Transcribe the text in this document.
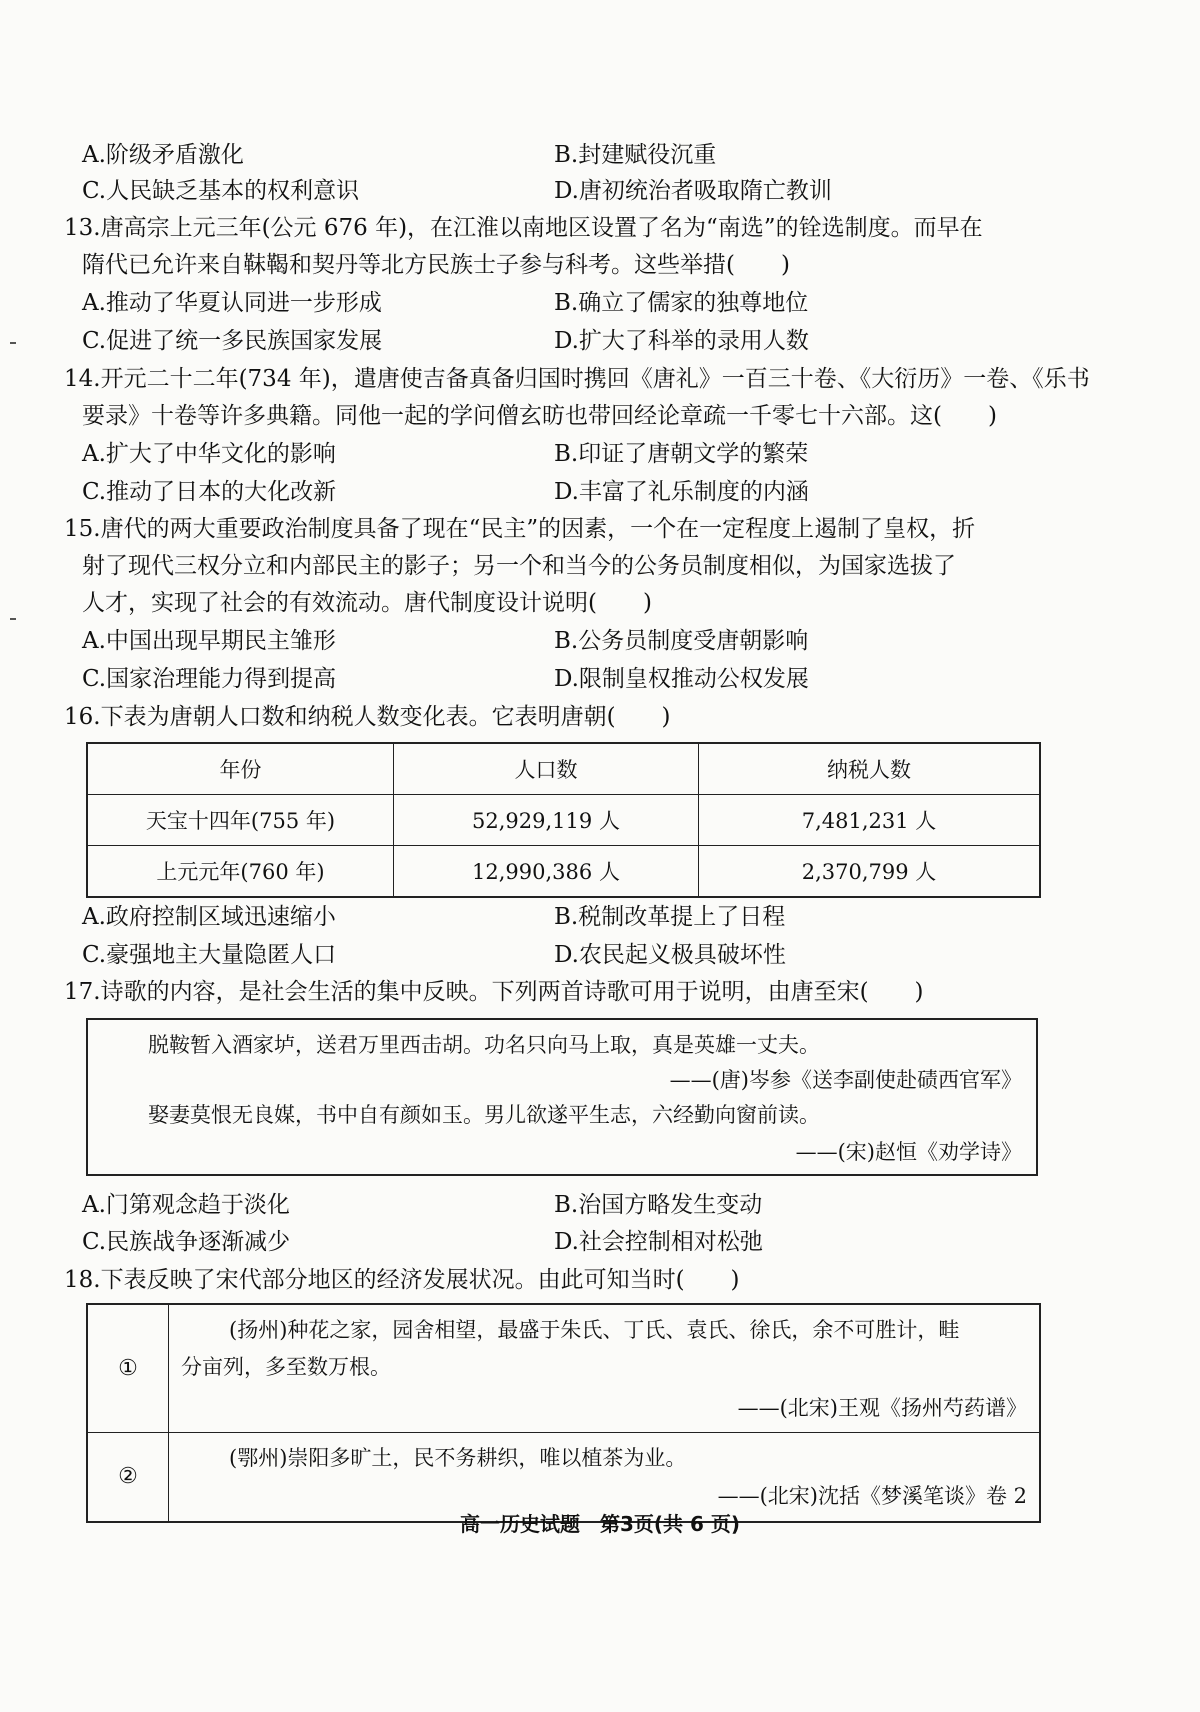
A.阶级矛盾激化	B.封建赋役沉重
C.人民缺乏基本的权利意识	D.唐初统治者吸取隋亡教训
13.唐高宗上元三年(公元 676 年)，在江淮以南地区设置了名为“南选”的铨选制度。而早在
隋代已允许来自靺鞨和契丹等北方民族士子参与科考。这些举措(　　)
A.推动了华夏认同进一步形成	B.确立了儒家的独尊地位
C.促进了统一多民族国家发展	D.扩大了科举的录用人数
14.开元二十二年(734 年)，遣唐使吉备真备归国时携回《唐礼》一百三十卷、《大衍历》一卷、《乐书
要录》十卷等许多典籍。同他一起的学问僧玄昉也带回经论章疏一千零七十六部。这(　　)
A.扩大了中华文化的影响	B.印证了唐朝文学的繁荣
C.推动了日本的大化改新	D.丰富了礼乐制度的内涵
15.唐代的两大重要政治制度具备了现在“民主”的因素，一个在一定程度上遏制了皇权，折
射了现代三权分立和内部民主的影子；另一个和当今的公务员制度相似，为国家选拔了
人才，实现了社会的有效流动。唐代制度设计说明(　　)
A.中国出现早期民主雏形	B.公务员制度受唐朝影响
C.国家治理能力得到提高	D.限制皇权推动公权发展
16.下表为唐朝人口数和纳税人数变化表。它表明唐朝(　　)
年份	人口数	纳税人数
天宝十四年(755 年)	52,929,119 人	7,481,231 人
上元元年(760 年)	12,990,386 人	2,370,799 人
A.政府控制区域迅速缩小	B.税制改革提上了日程
C.豪强地主大量隐匿人口	D.农民起义极具破坏性
17.诗歌的内容，是社会生活的集中反映。下列两首诗歌可用于说明，由唐至宋(　　)
脱鞍暂入酒家垆，送君万里西击胡。功名只向马上取，真是英雄一丈夫。
——(唐)岑参《送李副使赴碛西官军》
娶妻莫恨无良媒，书中自有颜如玉。男儿欲遂平生志，六经勤向窗前读。
——(宋)赵恒《劝学诗》
A.门第观念趋于淡化	B.治国方略发生变动
C.民族战争逐渐减少	D.社会控制相对松弛
18.下表反映了宋代部分地区的经济发展状况。由此可知当时(　　)
①	(扬州)种花之家，园舍相望，最盛于朱氏、丁氏、袁氏、徐氏，余不可胜计，畦
分亩列，多至数万根。
——(北宋)王观《扬州芍药谱》

②	(鄂州)崇阳多旷土，民不务耕织，唯以植茶为业。
——(北宋)沈括《梦溪笔谈》卷 2
高一历史试题　第3页(共 6 页)
